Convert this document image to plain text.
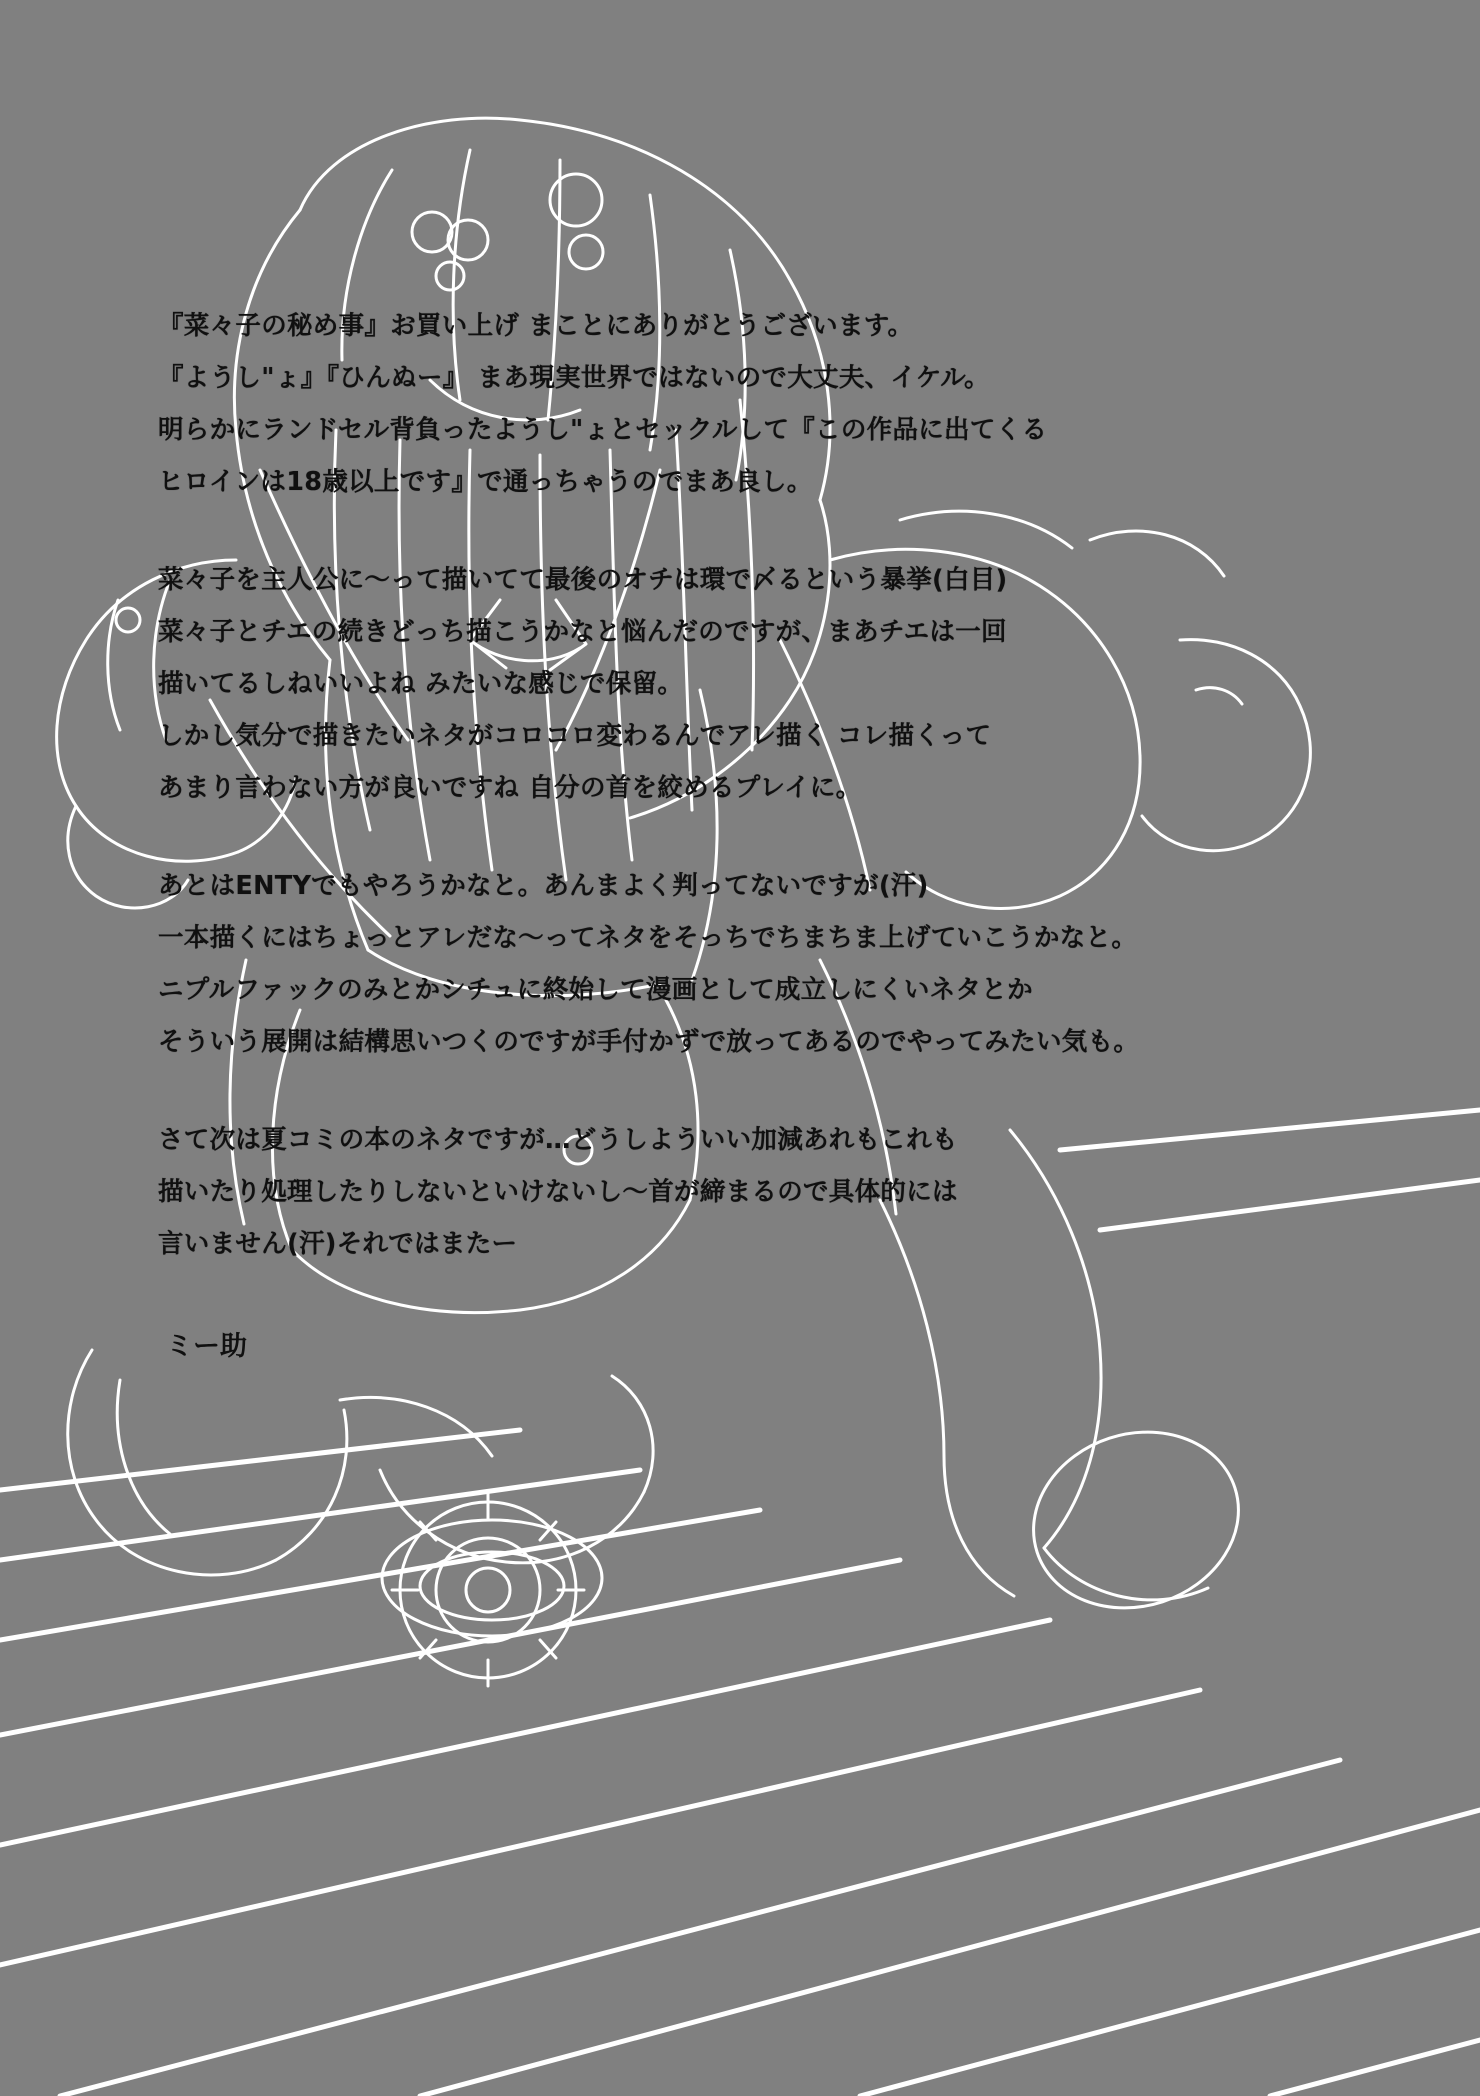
『菜々子の秘め事』お買い上げ まことにありがとうございます。
『ようし"ょ』『ひんぬー』 まあ現実世界ではないので大丈夫、イケル。
明らかにランドセル背負ったようし"ょとセックルして『この作品に出てくる
ヒロインは18歳以上です』で通っちゃうのでまあ良し。
菜々子を主人公に〜って描いてて最後のオチは環で〆るという暴挙(白目)
菜々子とチエの続きどっち描こうかなと悩んだのですが、まあチエは一回
描いてるしねいいよね みたいな感じで保留。
しかし気分で描きたいネタがコロコロ変わるんでアレ描く コレ描くって
あまり言わない方が良いですね 自分の首を絞めるプレイに。
あとはENTYでもやろうかなと。あんまよく判ってないですが(汗)
一本描くにはちょっとアレだな〜ってネタをそっちでちまちま上げていこうかなと。
ニプルファックのみとかシチュに終始して漫画として成立しにくいネタとか
そういう展開は結構思いつくのですが手付かずで放ってあるのでやってみたい気も。
さて次は夏コミの本のネタですが…どうしよういい加減あれもこれも
描いたり処理したりしないといけないし〜首が締まるので具体的には
言いません(汗)それではまたー
ミー助
